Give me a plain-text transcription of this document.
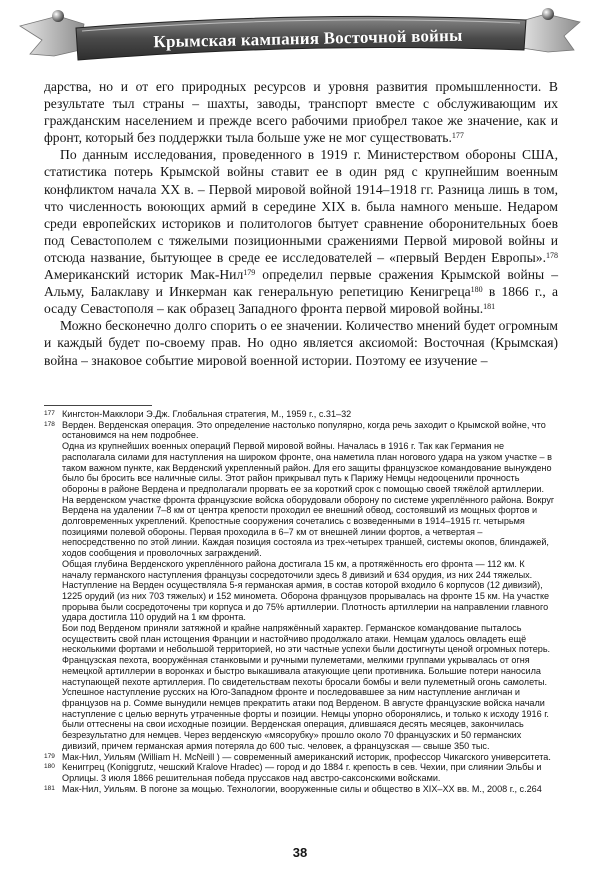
Крымская кампания Восточной войны

дарства, но и от его природных ресурсов и уровня развития промышленности. В результате тыл страны – шахты, заводы, транспорт вместе с обслуживающим их гражданским населением и прежде всего рабочими приобрел такое же значение, как и фронт, который без поддержки тыла больше уже не мог существовать.$^{177}$

По данным исследования, проведенного в 1919 г. Министерством обороны США, статистика потерь Крымской войны ставит ее в один ряд с крупнейшим военным конфликтом начала XX в. – Первой мировой войной 1914–1918 гг. Разница лишь в том, что численность воюющих армий в середине XIX в. была намного меньше. Недаром среди европейских историков и политологов бытует сравнение оборонительных боев под Севастополем с тяжелыми позиционными сражениями Первой мировой войны и отсюда название, бытующее в среде ее исследователей – «первый Верден Европы».$^{178}$ Американский историк Мак-Нил$^{179}$ определил первые сражения Крымской войны – Альму, Балаклаву и Инкерман как генеральную репетицию Кенигреца$^{180}$ в 1866 г., а осаду Севастополя – как образец Западного фронта первой мировой войны.$^{181}$

Можно бесконечно долго спорить о ее значении. Количество мнений будет огромным и каждый будет по-своему прав. Но одно является аксиомой: Восточная (Крымская) война – знаковое событие мировой военной истории. Поэтому ее изучение –

177 Кингстон-Макклори Э.Дж. Глобальная стратегия, М., 1959 г., с.31–32

178 Верден. Верденская операция. Это определение настолько популярно, когда речь заходит о Крымской войне, что остановимся на нем подробнее.

Одна из крупнейших военных операций Первой мировой войны. Началась в 1916 г. Так как Германия не располагала силами для наступления на широком фронте, она наметила план ногового удара на узком участке – в таком важном пункте, как Верденский укрепленный район. Для его защиты французское командование вынуждено было бы бросить все наличные силы. Этот район прикрывал путь к Парижу Немцы недооценили прочность обороны в районе Вердена и предполагали прорвать ее за короткий срок с помощью своей тяжёлой артиллерии. На верденском участке фронта французские войска оборудовали оборону по системе укреплённого района. Вокруг Вердена на удалении 7–8 км от центра крепости проходил ее внешний обвод, состоявший из мощных фортов и долговременных укреплений. Крепостные сооружения сочетались с возведенными в 1914–1915 гг. четырьмя позициями полевой обороны. Первая проходила в 6–7 км от внешней линии фортов, а четвертая – непосредственно по этой линии. Каждая позиция состояла из трех-четырех траншей, системы окопов, блиндажей, ходов сообщения и проволочных заграждений.

Общая глубина Верденского укреплённого района достигала 15 км, а протяжённость его фронта — 112 км. К началу германского наступления французы сосредоточили здесь 8 дивизий и 634 орудия, из них 244 тяжелых. Наступление на Верден осуществляла 5-я германская армия, в состав которой входило 6 корпусов (12 дивизий), 1225 орудий (из них 703 тяжелых) и 152 миномета. Оборона французов прорывалась на фронте 15 км. На участке прорыва были сосредоточены три корпуса и до 75% артиллерии. Плотность артиллерии на направлении главного удара достигла 110 орудий на 1 км фронта.

Бои под Верденом приняли затяжной и крайне напряжённый характер. Германское командование пыталось осуществить свой план истощения Франции и настойчиво продолжало атаки. Немцам удалось овладеть ещё несколькими фортами и небольшой территорией, но эти частные успехи были достигнуты ценой огромных потерь. Французская пехота, вооружённая станковыми и ручными пулеметами, мелкими группами укрывалась от огня немецкой артиллерии в воронках и быстро выкашивала атакующие цепи противника. Большие потери наносила наступающей пехоте артиллерия. По свидетельствам пехоты бросали бомбы и вели пулеметный огонь самолеты. Успешное наступление русских на Юго-Западном фронте и последовавшее за ним наступление англичан и французов на р. Сомме вынудили немцев прекратить атаки под Верденом. В августе французские войска начали наступление с целью вернуть утраченные форты и позиции. Немцы упорно оборонялись, и только к исходу 1916 г. были оттеснены на свои исходные позиции. Верденская операция, длившаяся десять месяцев, закончилась безрезультатно для немцев. Через верденскую «мясорубку» прошло около 70 французских и 50 германских дивизий, причем германская армия потеряла до 600 тыс. человек, а французская — свыше 350 тыс.

179 Мак-Нил, Уильям (William H. McNeill ) — современный американский историк, профессор Чикагского университета.

180 Кениггрец (Koniggrutz, чешский Kralove Hradec) — город и до 1884 г. крепость в сев. Чехии, при слиянии Эльбы и Орлицы. 3 июля 1866 решительная победа пруссаков над австро-саксонскими войсками.

181 Мак-Нил, Уильям. В погоне за мощью. Технологии, вооруженные силы и общество в XIX–XX вв. М., 2008 г., с.264

38
